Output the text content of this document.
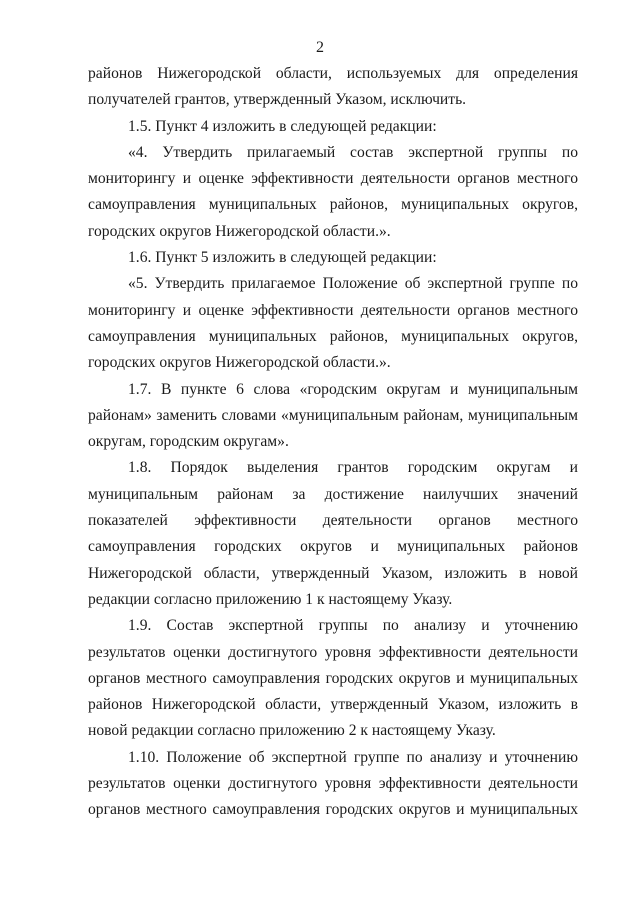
2

районов Нижегородской области, используемых для определения получателей грантов, утвержденный Указом, исключить.

1.5. Пункт 4 изложить в следующей редакции:

«4. Утвердить прилагаемый состав экспертной группы по мониторингу и оценке эффективности деятельности органов местного самоуправления муниципальных районов, муниципальных округов, городских округов Нижегородской области.».

1.6. Пункт 5 изложить в следующей редакции:

«5. Утвердить прилагаемое Положение об экспертной группе по мониторингу и оценке эффективности деятельности органов местного самоуправления муниципальных районов, муниципальных округов, городских округов Нижегородской области.».

1.7. В пункте 6 слова «городским округам и муниципальным районам» заменить словами «муниципальным районам, муниципальным округам, городским округам».

1.8. Порядок выделения грантов городским округам и муниципальным районам за достижение наилучших значений показателей эффективности деятельности органов местного самоуправления городских округов и муниципальных районов Нижегородской области, утвержденный Указом, изложить в новой редакции согласно приложению 1 к настоящему Указу.

1.9. Состав экспертной группы по анализу и уточнению результатов оценки достигнутого уровня эффективности деятельности органов местного самоуправления городских округов и муниципальных районов Нижегородской области, утвержденный Указом, изложить в новой редакции согласно приложению 2 к настоящему Указу.

1.10. Положение об экспертной группе по анализу и уточнению результатов оценки достигнутого уровня эффективности деятельности органов местного самоуправления городских округов и муниципальных
